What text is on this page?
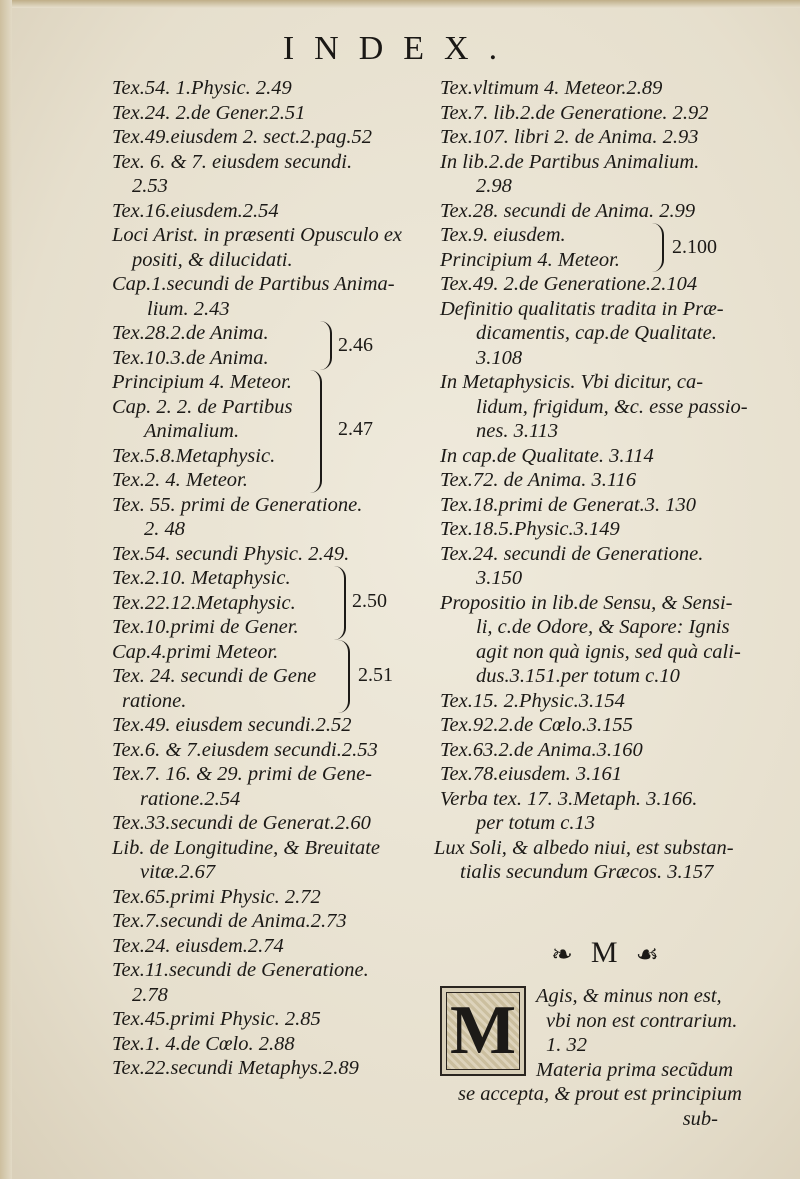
INDEX.
Tex.54. 1.Physic. 2.49
Tex.24. 2.de Gener.2.51
Tex.49.eiusdem 2. sect.2.pag.52
Tex. 6. & 7. eiusdem secundi.
2.53
Tex.16.eiusdem.2.54
Loci Arist. in præsenti Opusculo ex
positi, & dilucidati.
Cap.1.secundi de Partibus Anima-
lium. 2.43
Tex.28.2.de Anima.
Tex.10.3.de Anima.
2.46
Principium 4. Meteor.
Cap. 2. 2. de Partibus
Animalium.
Tex.5.8.Metaphysic.
Tex.2. 4. Meteor.
2.47
Tex. 55. primi de Generatione.
2. 48
Tex.54. secundi Physic. 2.49.
Tex.2.10. Metaphysic.
Tex.22.12.Metaphysic.
Tex.10.primi de Gener.
2.50
Cap.4.primi Meteor.
Tex. 24. secundi de Gene
ratione.
2.51
Tex.49. eiusdem secundi.2.52
Tex.6. & 7.eiusdem secundi.2.53
Tex.7. 16. & 29. primi de Gene-
ratione.2.54
Tex.33.secundi de Generat.2.60
Lib. de Longitudine, & Breuitate
vitæ.2.67
Tex.65.primi Physic. 2.72
Tex.7.secundi de Anima.2.73
Tex.24. eiusdem.2.74
Tex.11.secundi de Generatione.
2.78
Tex.45.primi Physic. 2.85
Tex.1. 4.de Cœlo. 2.88
Tex.22.secundi Metaphys.2.89
Tex.vltimum 4. Meteor.2.89
Tex.7. lib.2.de Generatione. 2.92
Tex.107. libri 2. de Anima. 2.93
In lib.2.de Partibus Animalium.
2.98
Tex.28. secundi de Anima. 2.99
Tex.9. eiusdem.
Principium 4. Meteor.
2.100
Tex.49. 2.de Generatione.2.104
Definitio qualitatis tradita in Præ-
dicamentis, cap.de Qualitate.
3.108
In Metaphysicis. Vbi dicitur, ca-
lidum, frigidum, &c. esse passio-
nes. 3.113
In cap.de Qualitate. 3.114
Tex.72. de Anima. 3.116
Tex.18.primi de Generat.3. 130
Tex.18.5.Physic.3.149
Tex.24. secundi de Generatione.
3.150
Propositio in lib.de Sensu, & Sensi-
li, c.de Odore, & Sapore: Ignis
agit non quà ignis, sed quà cali-
dus.3.151.per totum c.10
Tex.15. 2.Physic.3.154
Tex.92.2.de Cœlo.3.155
Tex.63.2.de Anima.3.160
Tex.78.eiusdem. 3.161
Verba tex. 17. 3.Metaph. 3.166.
per totum c.13
Lux Soli, & albedo niui, est substan-
tialis secundum Græcos. 3.157
❧ M ☙
M Agis, & minus non est,
vbi non est contrarium.
1. 32
Materia prima secũdum
se accepta, & prout est principium
sub-
